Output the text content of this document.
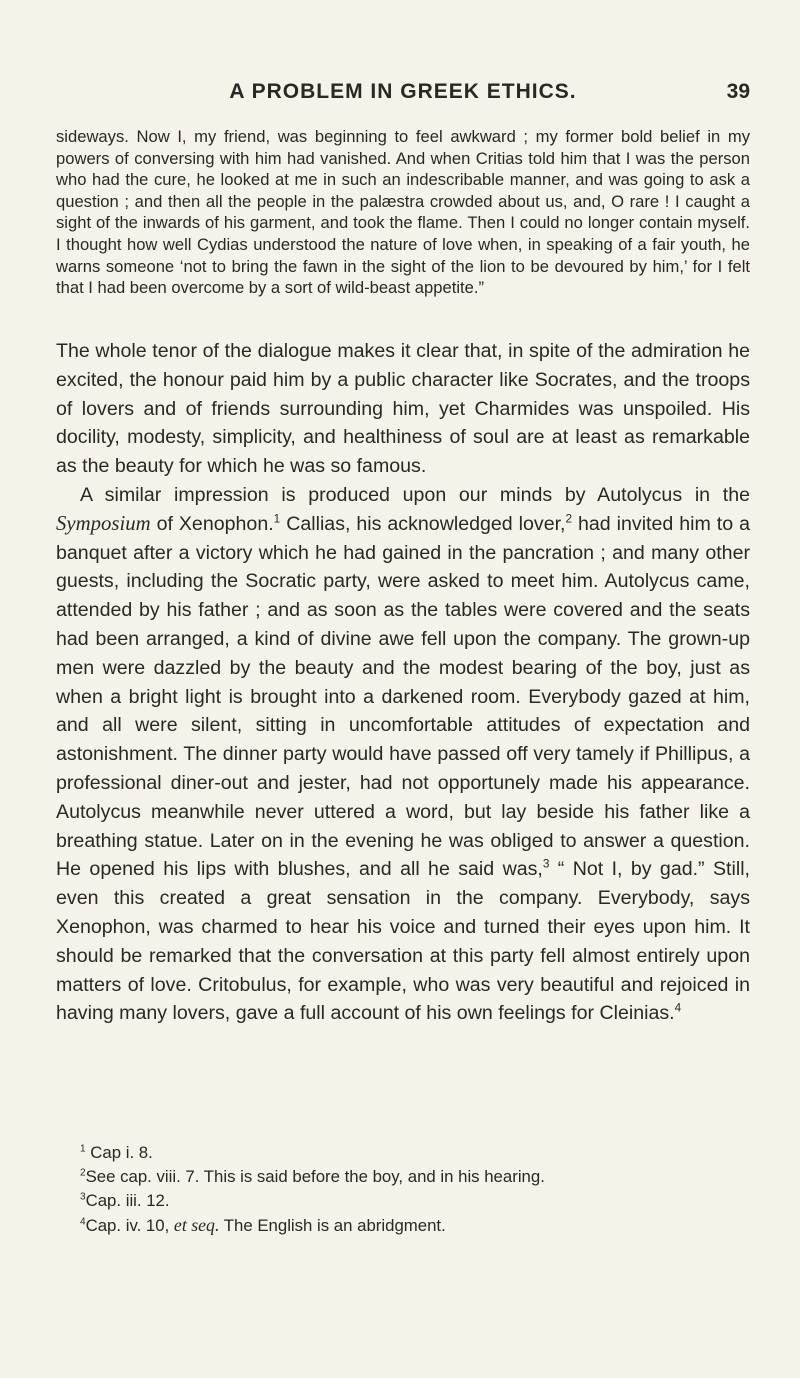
A PROBLEM IN GREEK ETHICS.	39

sideways. Now I, my friend, was beginning to feel awkward ; my former bold belief in my powers of conversing with him had vanished. And when Critias told him that I was the person who had the cure, he looked at me in such an indescribable manner, and was going to ask a question ; and then all the people in the palæstra crowded about us, and, O rare ! I caught a sight of the inwards of his garment, and took the flame. Then I could no longer contain myself. I thought how well Cydias understood the nature of love when, in speaking of a fair youth, he warns someone ‘not to bring the fawn in the sight of the lion to be devoured by him,’ for I felt that I had been overcome by a sort of wild-beast appetite.”

The whole tenor of the dialogue makes it clear that, in spite of the admiration he excited, the honour paid him by a public character like Socrates, and the troops of lovers and of friends surrounding him, yet Charmides was unspoiled. His docility, modesty, simplicity, and healthiness of soul are at least as remarkable as the beauty for which he was so famous.

A similar impression is produced upon our minds by Autolycus in the Symposium of Xenophon.$^1$ Callias, his acknowledged lover,$^2$ had invited him to a banquet after a victory which he had gained in the pancration ; and many other guests, including the Socratic party, were asked to meet him. Autolycus came, attended by his father ; and as soon as the tables were covered and the seats had been arranged, a kind of divine awe fell upon the company. The grown-up men were dazzled by the beauty and the modest bearing of the boy, just as when a bright light is brought into a darkened room. Everybody gazed at him, and all were silent, sitting in uncomfortable attitudes of expectation and astonishment. The dinner party would have passed off very tamely if Phillipus, a professional diner-out and jester, had not opportunely made his appearance. Autolycus meanwhile never uttered a word, but lay beside his father like a breathing statue. Later on in the evening he was obliged to answer a question. He opened his lips with blushes, and all he said was,$^3$ “ Not I, by gad.” Still, even this created a great sensation in the company. Everybody, says Xenophon, was charmed to hear his voice and turned their eyes upon him. It should be remarked that the conversation at this party fell almost entirely upon matters of love. Critobulus, for example, who was very beautiful and rejoiced in having many lovers, gave a full account of his own feelings for Cleinias.$^4$

$^1$ Cap i. 8.
$^2$See cap. viii. 7. This is said before the boy, and in his hearing.
$^3$Cap. iii. 12.
$^4$Cap. iv. 10, et seq. The English is an abridgment.
